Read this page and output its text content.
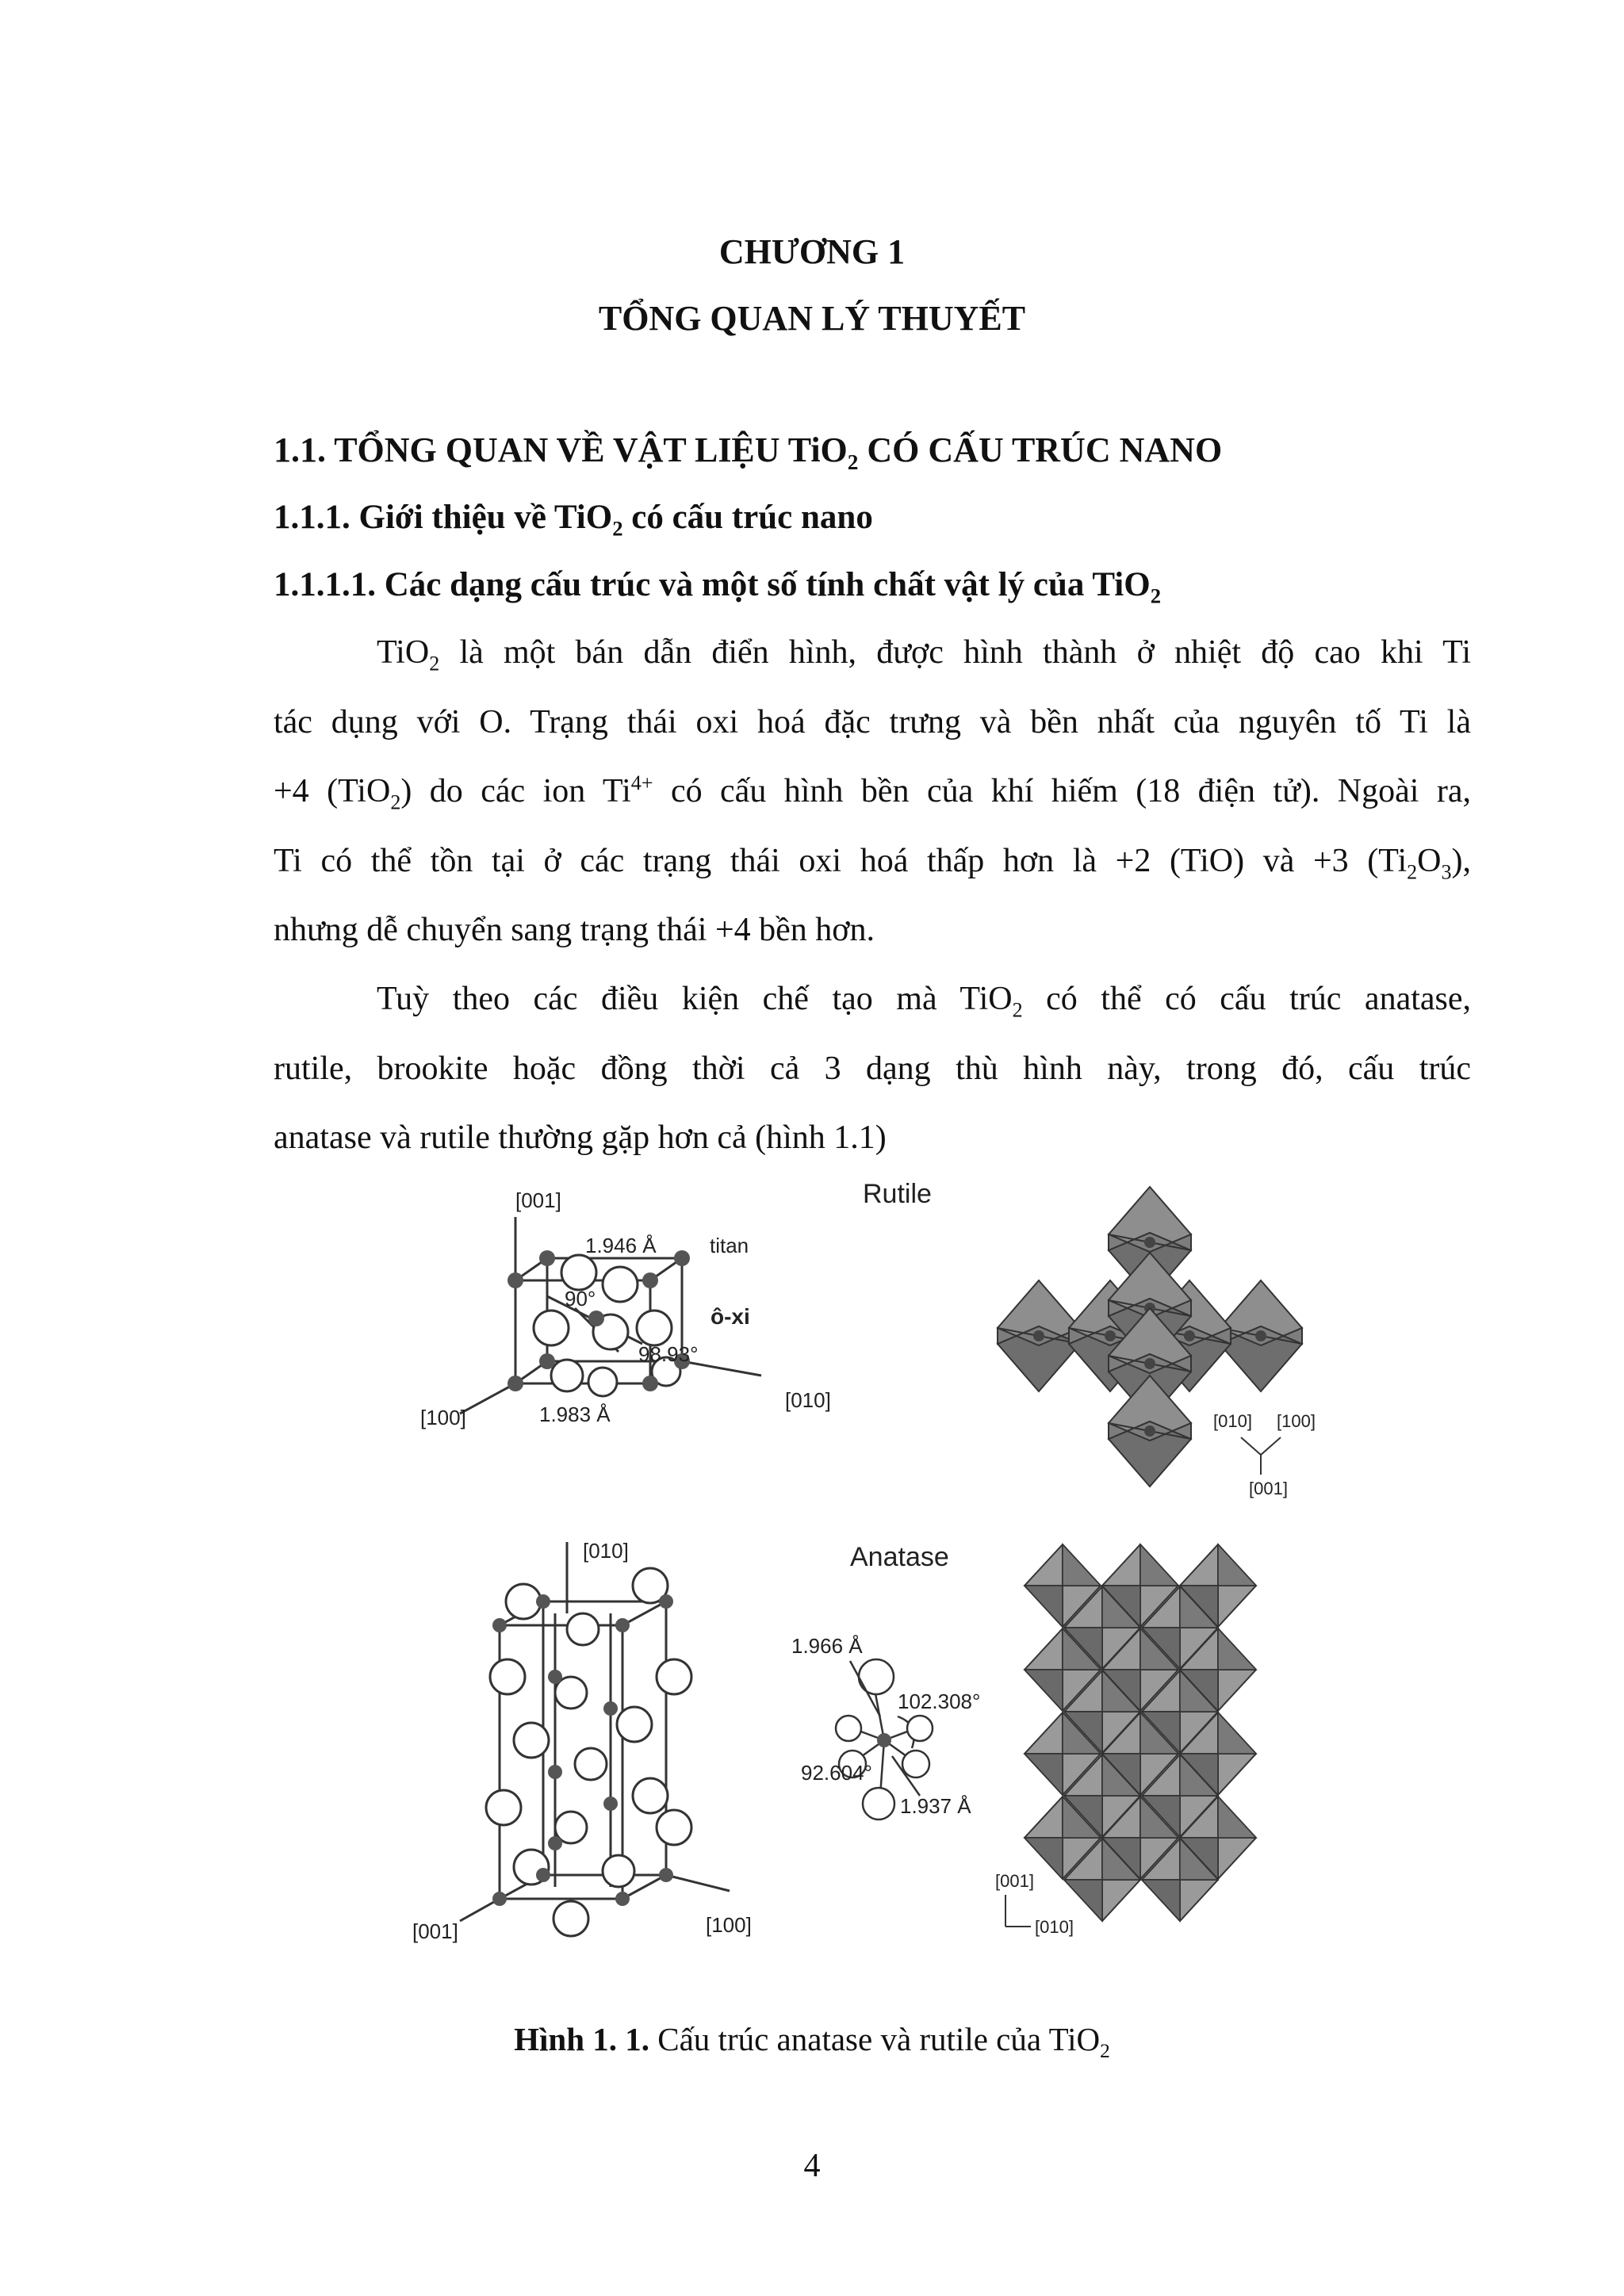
CHƯƠNG 1
TỔNG QUAN LÝ THUYẾT
1.1. TỔNG QUAN VỀ VẬT LIỆU TiO$_2$ CÓ CẤU TRÚC NANO
1.1.1. Giới thiệu về TiO$_2$ có cấu trúc nano
1.1.1.1. Các dạng cấu trúc và một số tính chất vật lý của TiO$_2$
TiO$_2$ là một bán dẫn điển hình, được hình thành ở nhiệt độ cao khi Ti
tác dụng với O. Trạng thái oxi hoá đặc trưng và bền nhất của nguyên tố Ti là
+4 (TiO$_2$) do các ion $Ti^{4+}$ có cấu hình bền của khí hiếm (18 điện tử). Ngoài ra,
Ti có thể tồn tại ở các trạng thái oxi hoá thấp hơn là +2 (TiO) và +3 $(Ti_2O_3)$,
nhưng dễ chuyển sang trạng thái +4 bền hơn.
Tuỳ theo các điều kiện chế tạo mà TiO$_2$ có thể có cấu trúc anatase,
rutile, brookite hoặc đồng thời cả 3 dạng thù hình này, trong đó, cấu trúc
anatase và rutile thường gặp hơn cả (hình 1.1)
[001]
[100]
[010]
1.946 Å	titan
90°
ô-xi
98.93°
1.983 Å
Rutile
[010] [100]
[001]
[010]
[001]	[100]
Anatase
1.966 Å
102.308°
92.604°
1.937 Å
[001]
[010]
Hình 1. 1. Cấu trúc anatase và rutile của TiO$_2$
4
